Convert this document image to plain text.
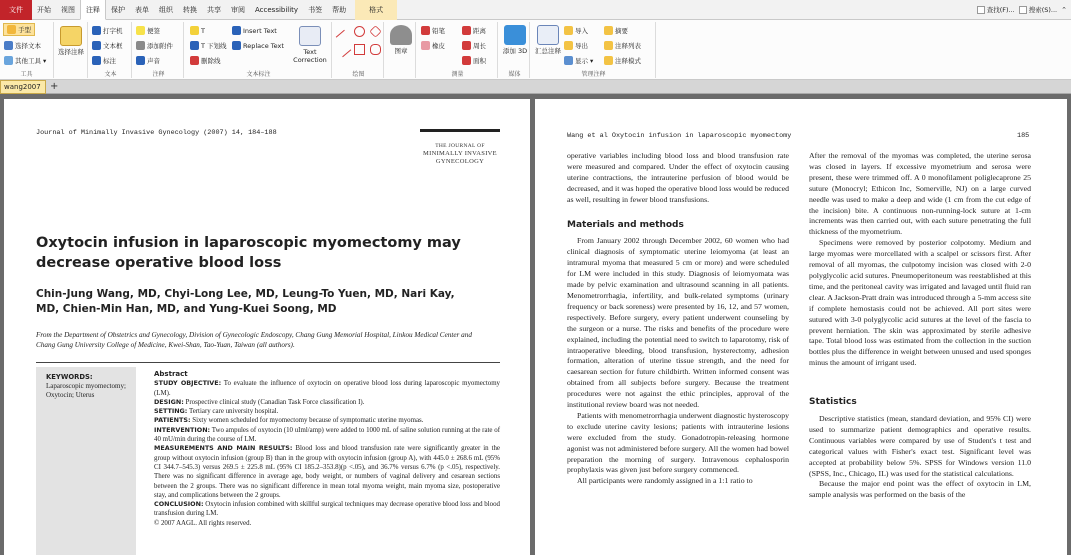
文件	开始	视图	注释	保护	表单	组织	转换	共享	审阅	Accessibility	书签	帮助	格式	查找(F)... 搜索(S)... ⌃
手型
选择文本
其他工具 ▾
工具
选择注释
打字机
文本框
标注
文本
便签
添加附件
声音
注释
T
T 下划线
删除线
Insert Text
Replace Text
Text Correction
文本标注	绘图
图章
铅笔
橡皮
距离
周长
面积
测量
添加 3D
媒体
汇总注释
导入
导出
显示 ▾
摘要
注释列表
注释模式
管理注释
wang2007 +
Journal of Minimally Invasive Gynecology (2007) 14, 184–188
THE JOURNAL OF
MINIMALLY INVASIVE
GYNECOLOGY
Oxytocin infusion in laparoscopic myomectomy may decrease operative blood loss
Chin-Jung Wang, MD, Chyi-Long Lee, MD, Leung-To Yuen, MD, Nari Kay, MD, Chien-Min Han, MD, and Yung-Kuei Soong, MD
From the Department of Obstetrics and Gynecology, Division of Gynecologic Endoscopy, Chang Gung Memorial Hospital, Linkou Medical Center and Chang Gung University College of Medicine, Kwei-Shan, Tao-Yuan, Taiwan (all authors).
KEYWORDS:
Laparoscopic myomectomy; Oxytocin; Uterus
Abstract
STUDY OBJECTIVE: To evaluate the influence of oxytocin on operative blood loss during laparoscopic myomectomy (LM).
DESIGN: Prospective clinical study (Canadian Task Force classification I).
SETTING: Tertiary care university hospital.
PATIENTS: Sixty women scheduled for myomectomy because of symptomatic uterine myomas.
INTERVENTION: Two ampules of oxytocin (10 uIml/amp) were added to 1000 mL of saline solution running at the rate of 40 mU/min during the course of LM.
MEASUREMENTS AND MAIN RESULTS: Blood loss and blood transfusion rate were significantly greater in the group without oxytocin infusion (group B) than in the group with oxytocin infusion (group A), with 445.0 ± 268.6 mL (95% CI 344.7–545.3) versus 269.5 ± 225.8 mL (95% CI 185.2–353.8)(p <.05), and 36.7% versus 6.7% (p <.05), respectively. There was no significant difference in average age, body weight, or numbers of vaginal delivery and cesarean sections between the 2 groups. There was no significant difference in mean total myoma weight, main myoma size, postoperative stay, and complications between the 2 groups.
CONCLUSION: Oxytocin infusion combined with skillful surgical techniques may decrease operative blood loss and blood transfusion during LM.
© 2007 AAGL. All rights reserved.
Wang et al Oxytocin infusion in laparoscopic myomectomy	185
operative variables including blood loss and blood transfusion rate were measured and compared. Under the effect of oxytocin causing uterine contractions, the intrauterine perfusion of blood would be decreased, and it was hoped the operative blood loss would be reduced as well, resulting in fewer blood transfusions.
Materials and methods
From January 2002 through December 2002, 60 women who had clinical diagnosis of symptomatic uterine leiomyoma (at least an intramural myoma that measured 5 cm or more) and were scheduled for LM were included in this study. Diagnosis of leiomyomata was made by pelvic examination and ultrasound scanning in all patients. Menometrorrhagia, infertility, and bulk-related symptoms (urinary frequency or back soreness) were presented by 16, 12, and 57 women, respectively. Before surgery, every patient underwent counseling by the surgeon or a nurse. The risks and benefits of the procedure were explained, including the potential need to switch to laparotomy, risk of intraoperative bleeding, blood transfusion, hysterectomy, adhesion formation, alteration of uterine tissue strength, and the need for caesarean section for future childbirth. Written informed consent was obtained from all subjects before surgery. Because the treatment procedures were not against the ethic principles, approval of the institutional review board was not needed.
Patients with menometrorrhagia underwent diagnostic hysteroscopy to exclude uterine cavity lesions; patients with intrauterine lesions were excluded from the study. Gonadotropin-releasing hormone agonist was not administered before surgery. All the women had bowel preparation the morning of surgery. Intravenous cephalosporin prophylaxis was given just before surgery commenced.
All participants were randomly assigned in a 1:1 ratio to
After the removal of the myomas was completed, the uterine serosa was closed in layers. If excessive myometrium and serosa were present, these were trimmed off. A 0 monofilament poliglecaprone 25 suture (Monocryl; Ethicon Inc, Somerville, NJ) on a large curved needle was used to make a deep and wide (1 cm from the cut edge of the incision) bite. A continuous non-running-lock suture at 1-cm increments was then carried out, with each suture penetrating the full thickness of the myometrium.
Specimens were removed by posterior colpotomy. Medium and large myomas were morcellated with a scalpel or scissors first. After removal of all myomas, the culpotomy incision was closed with 2-0 polyglycolic acid sutures. Pneumoperitoneum was reestablished at this time, and the peritoneal cavity was irrigated and lavaged until fluid ran clear. A Jackson-Pratt drain was introduced through a 5-mm access site if complete hemostasis could not be achieved. All port sites were sutured with 3-0 polyglycolic acid sutures at the level of the fascia to prevent herniation. The skin was approximated by sterile adhesive tape. Total blood loss was estimated from the collection in the suction bottles plus the difference in weight between unused and used sponges minus the amount of irrigant used.
Statistics
Descriptive statistics (mean, standard deviation, and 95% CI) were used to summarize patient demographics and operative results. Continuous variables were compared by use of Student's t test and categorical values with Fisher's exact test. Significant level was accepted at probability below 5%. SPSS for Windows version 11.0 (SPSS, Inc., Chicago, IL) was used for the statistical calculations.
Because the major end point was the effect of oxytocin in LM, sample analysis was performed on the basis of the
